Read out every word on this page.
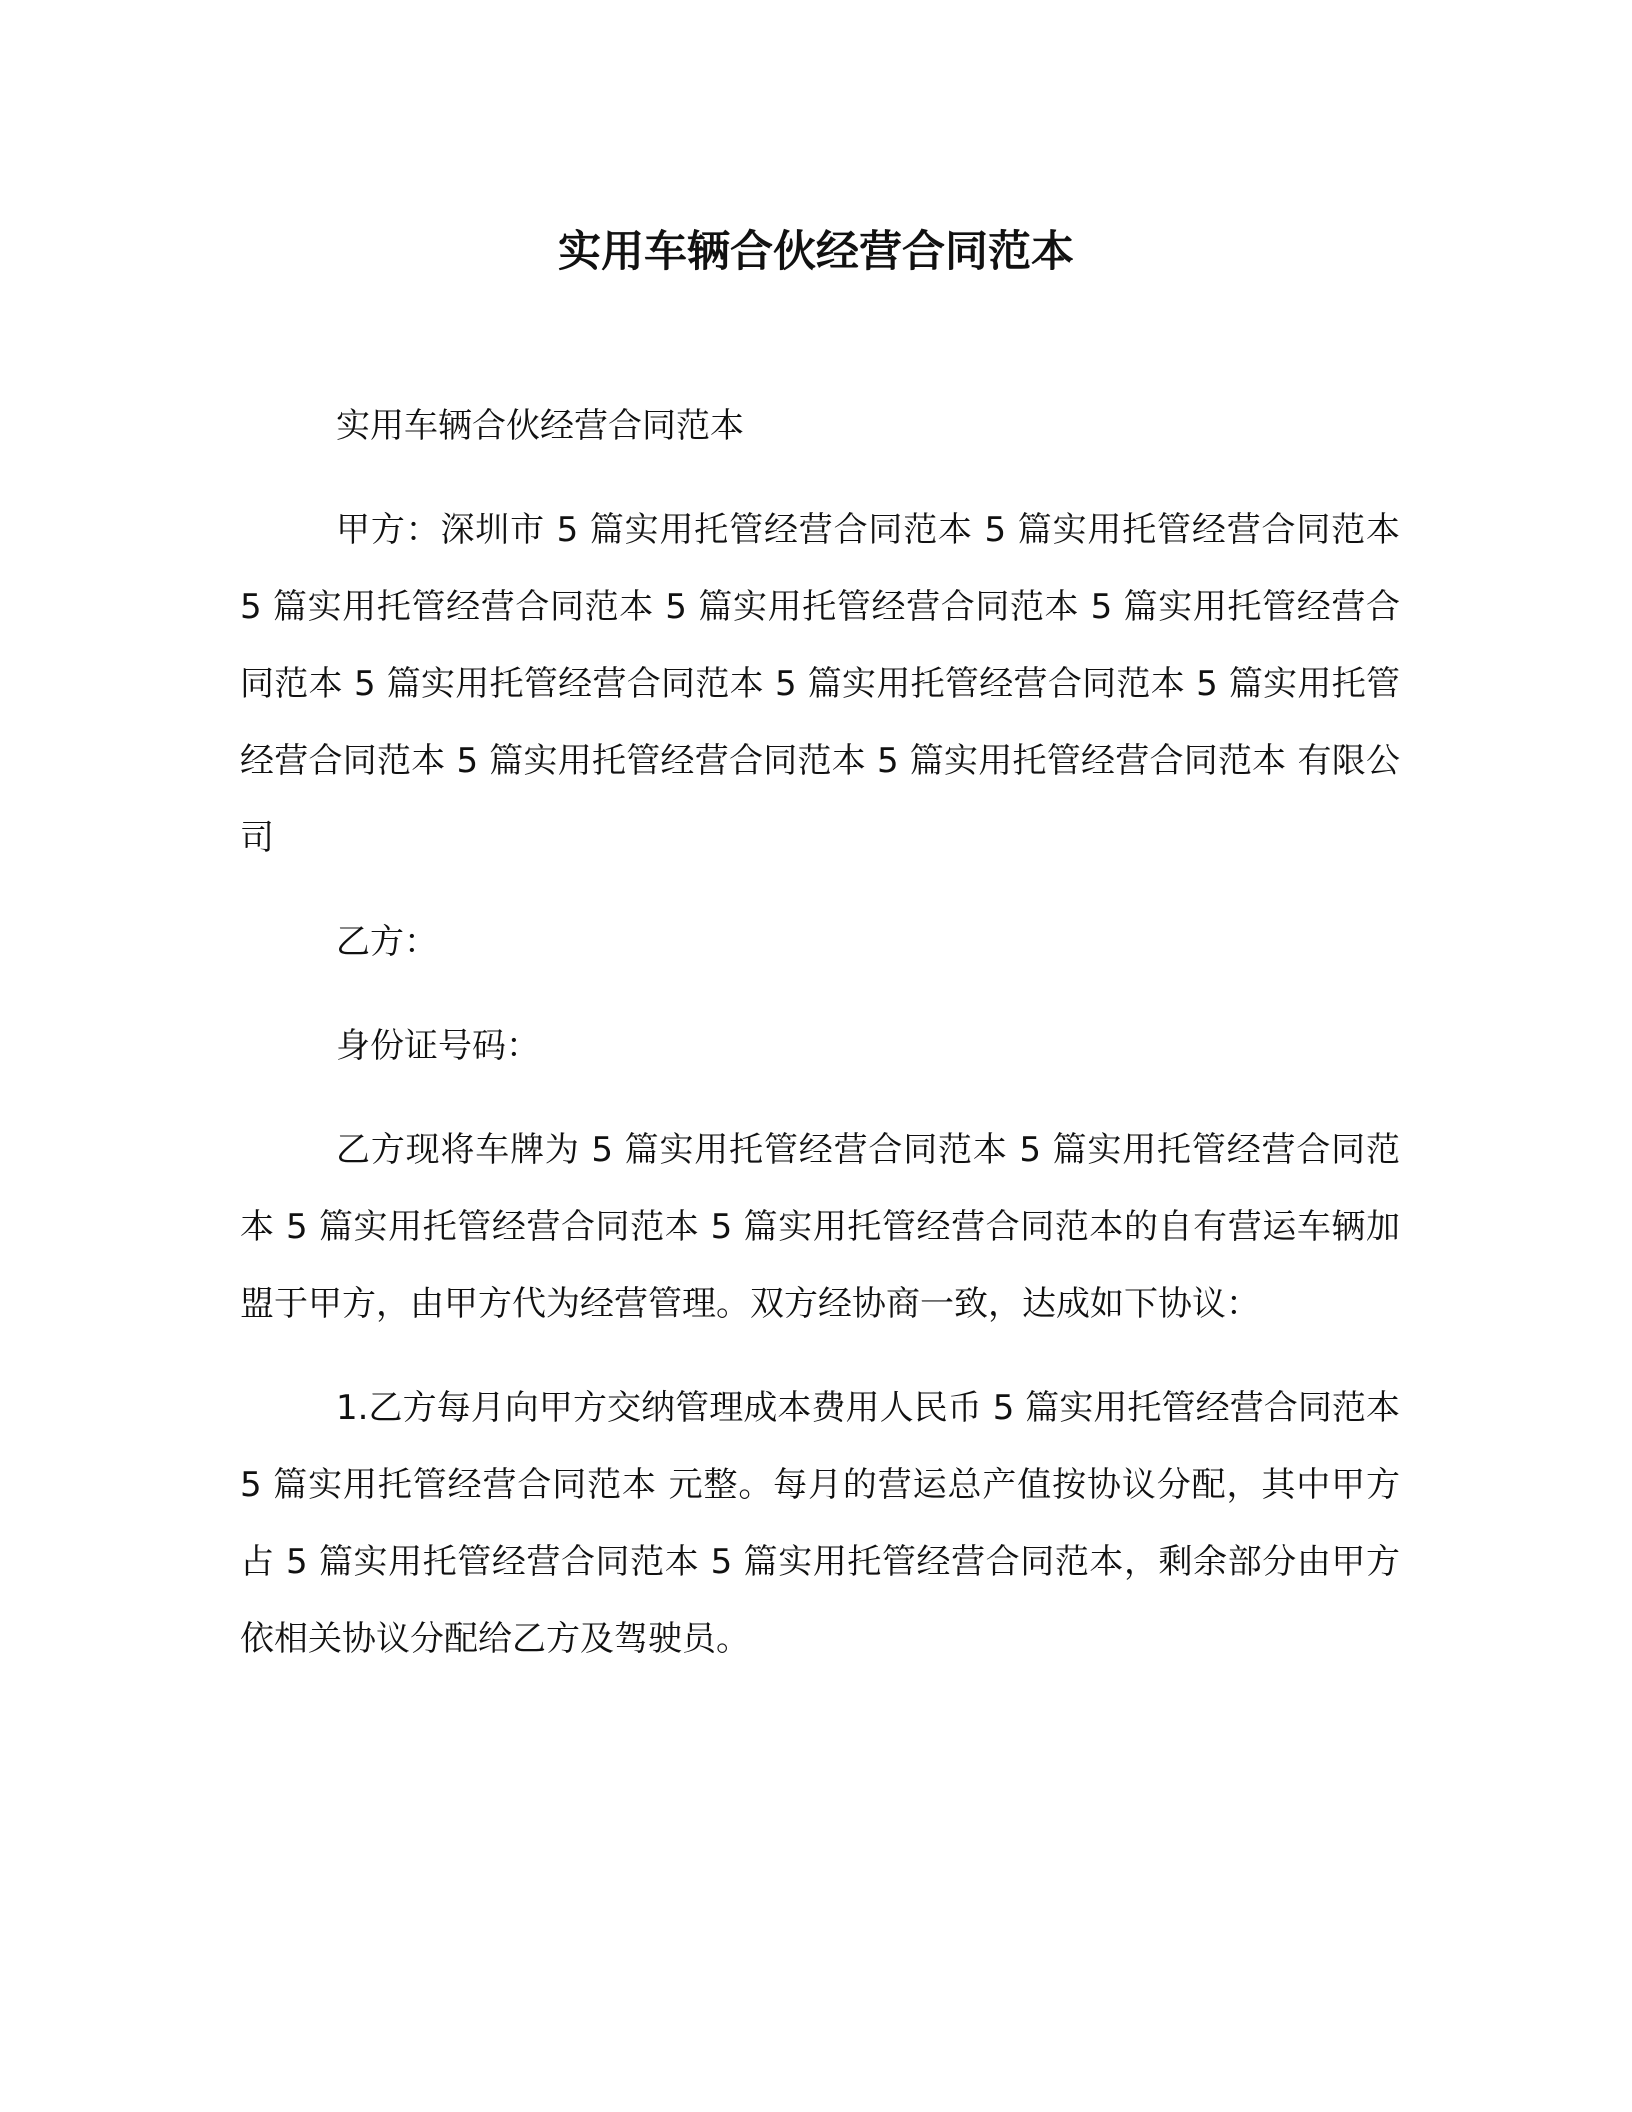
实用车辆合伙经营合同范本

实用车辆合伙经营合同范本

甲方：深圳市 5 篇实用托管经营合同范本 5 篇实用托管经营合同范本 5 篇实用托管经营合同范本 5 篇实用托管经营合同范本 5 篇实用托管经营合同范本 5 篇实用托管经营合同范本 5 篇实用托管经营合同范本 5 篇实用托管经营合同范本 5 篇实用托管经营合同范本 5 篇实用托管经营合同范本 有限公司

乙方：

身份证号码：

乙方现将车牌为 5 篇实用托管经营合同范本 5 篇实用托管经营合同范本 5 篇实用托管经营合同范本 5 篇实用托管经营合同范本的自有营运车辆加盟于甲方，由甲方代为经营管理。双方经协商一致，达成如下协议：

1.乙方每月向甲方交纳管理成本费用人民币 5 篇实用托管经营合同范本 5 篇实用托管经营合同范本 元整。每月的营运总产值按协议分配，其中甲方占 5 篇实用托管经营合同范本 5 篇实用托管经营合同范本，剩余部分由甲方依相关协议分配给乙方及驾驶员。
